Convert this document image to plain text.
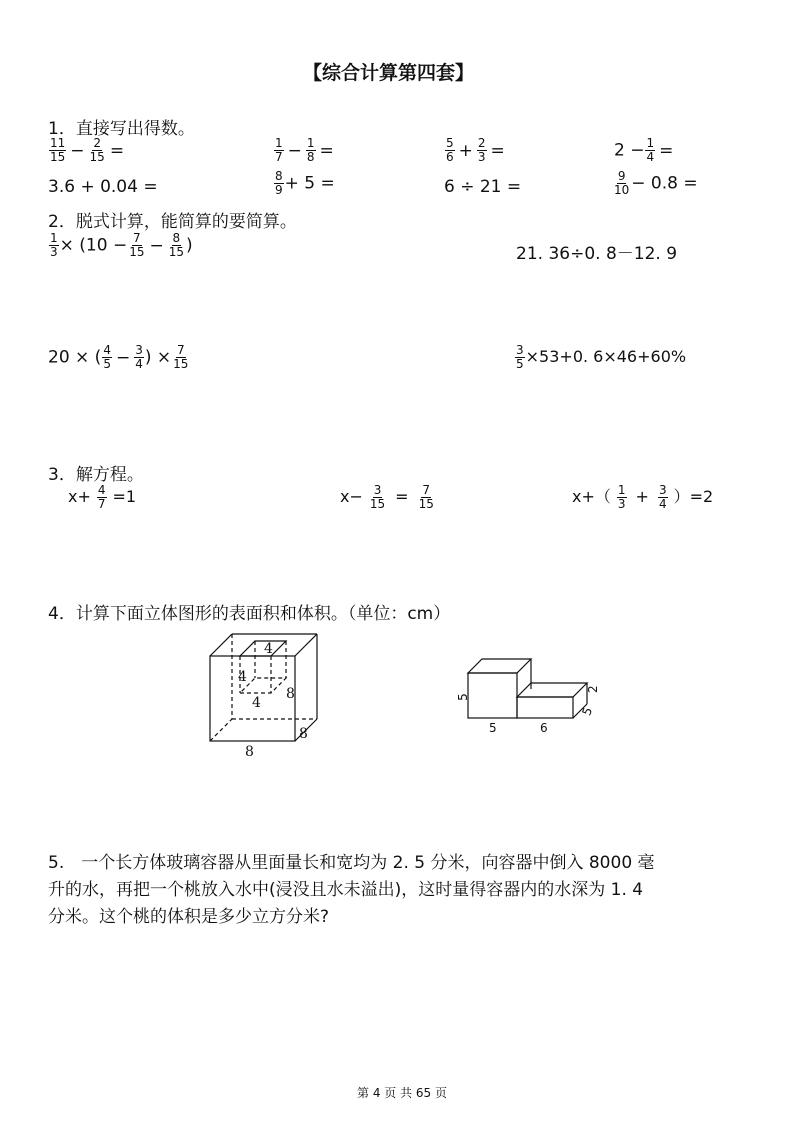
【综合计算第四套】
1．直接写出得数。
$\frac{11}{15} - \frac{2}{15}$ =	$\frac{1}{7} - \frac{1}{8}$ =	$\frac{5}{6} + \frac{2}{3}$ =	$2 - \frac{1}{4}$ =
3.6 + 0.04 =	$\frac{8}{9} + 5$ =	6 ÷ 21 =	$\frac{9}{10} - 0.8$ =
2．脱式计算，能简算的要简算。
$\frac{1}{3} \times (10 - \frac{7}{15} - \frac{8}{15}$ )	21. 36÷0. 8－12. 9
20 × ( $\frac{4}{5} - \frac{3}{4}$ ) × $\frac{7}{15}$	$\frac{3}{5} \times 53+0$. 6×46+60%
3．解方程。
$x+ \frac{4}{7} =1$	$x- \frac{3}{15} = \frac{7}{15}$	$x+( \frac{1}{3} + \frac{3}{4} )=2$
4．计算下面立体图形的表面积和体积。（单位：cm）
4
4
4
8
8
8
5
5	6
2
5
5.　一个长方体玻璃容器从里面量长和宽均为 2. 5 分米，向容器中倒入 8000 毫
升的水，再把一个桃放入水中(浸没且水未溢出)，这时量得容器内的水深为 1. 4
分米。这个桃的体积是多少立方分米?
第 4 页 共 65 页
